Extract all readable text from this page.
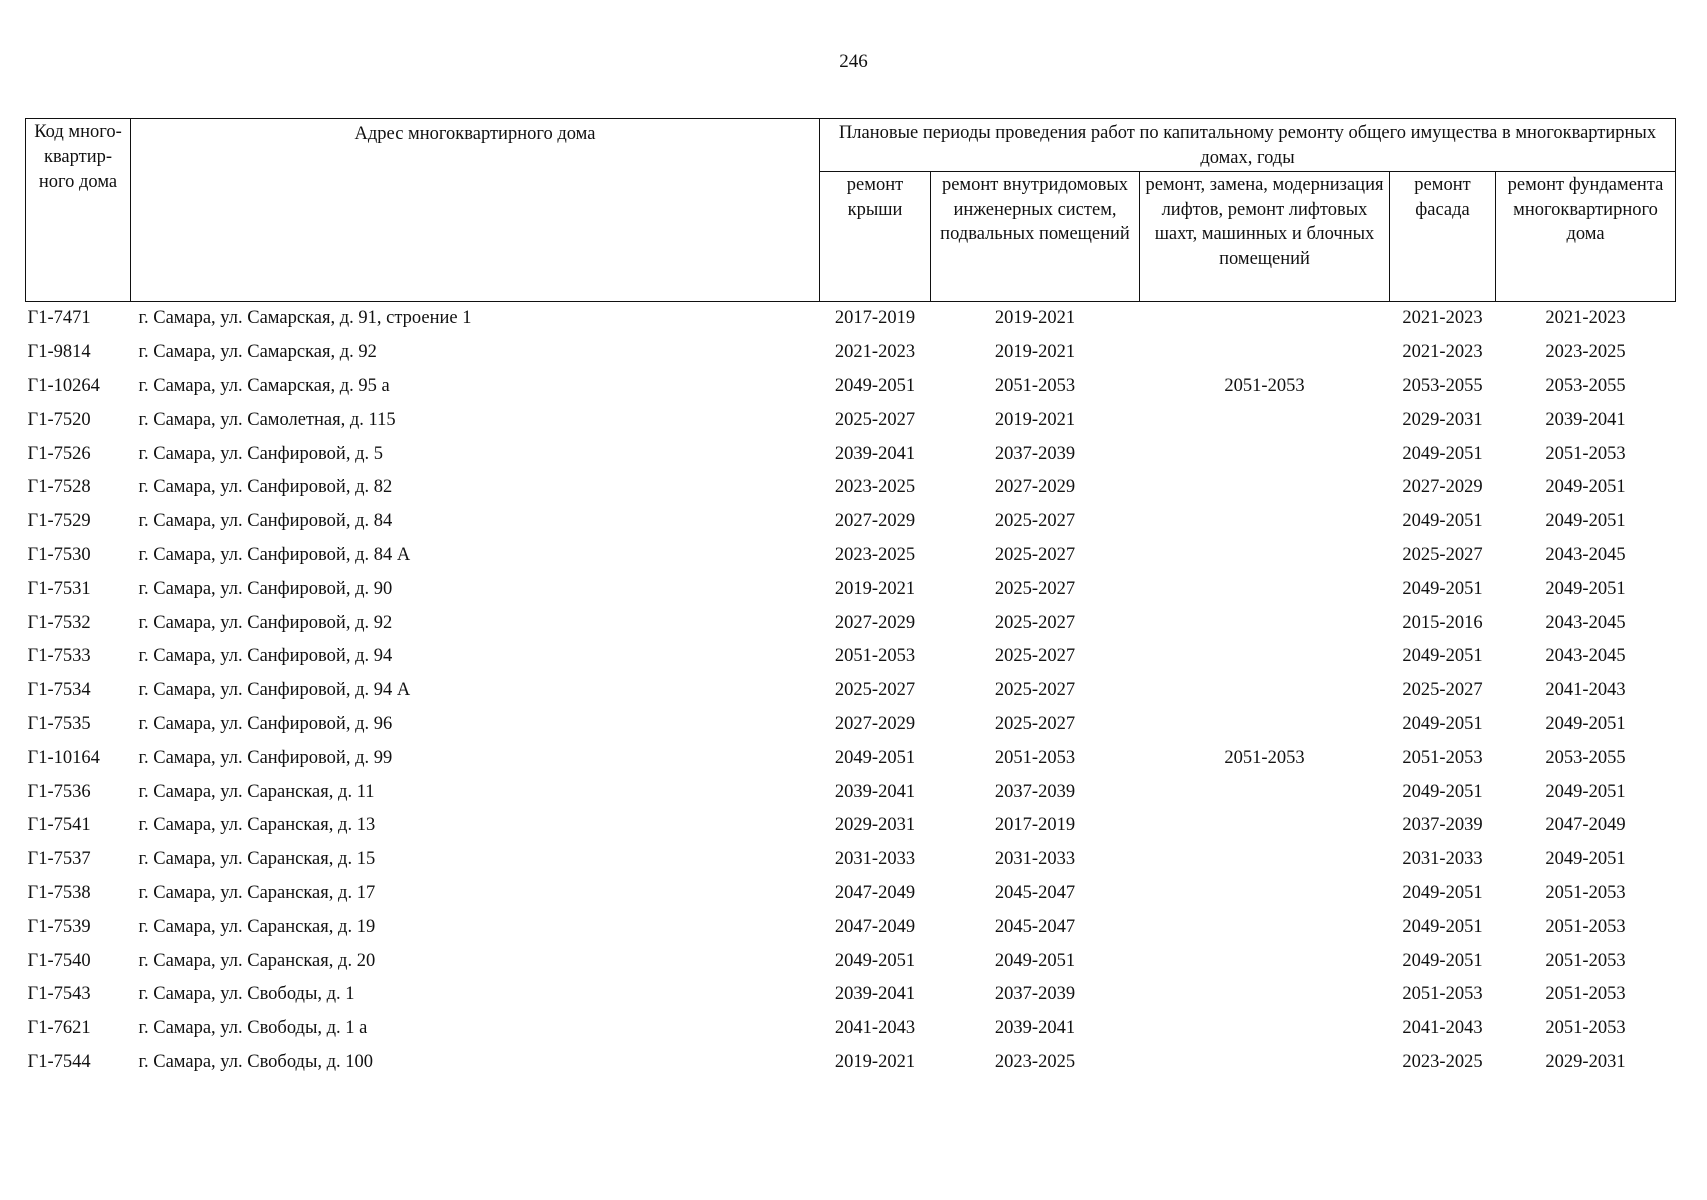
246
Код много-квартир-ного дома	Адрес многоквартирного дома	Плановые периоды проведения работ по капитальному ремонту общего имущества в многоквартирных домах, годы				
		ремонт крыши	ремонт внутридомовых инженерных систем, подвальных помещений	ремонт, замена, модернизация лифтов, ремонт лифтовых шахт, машинных и блочных помещений	ремонт фасада	ремонт фундамента многоквартирного дома
Г1-7471	г. Самара, ул. Самарская, д. 91, строение 1	2017-2019	2019-2021		2021-2023	2021-2023
Г1-9814	г. Самара, ул. Самарская, д. 92	2021-2023	2019-2021		2021-2023	2023-2025
Г1-10264	г. Самара, ул. Самарская, д. 95 а	2049-2051	2051-2053	2051-2053	2053-2055	2053-2055
Г1-7520	г. Самара, ул. Самолетная, д. 115	2025-2027	2019-2021		2029-2031	2039-2041
Г1-7526	г. Самара, ул. Санфировой, д. 5	2039-2041	2037-2039		2049-2051	2051-2053
Г1-7528	г. Самара, ул. Санфировой, д. 82	2023-2025	2027-2029		2027-2029	2049-2051
Г1-7529	г. Самара, ул. Санфировой, д. 84	2027-2029	2025-2027		2049-2051	2049-2051
Г1-7530	г. Самара, ул. Санфировой, д. 84 А	2023-2025	2025-2027		2025-2027	2043-2045
Г1-7531	г. Самара, ул. Санфировой, д. 90	2019-2021	2025-2027		2049-2051	2049-2051
Г1-7532	г. Самара, ул. Санфировой, д. 92	2027-2029	2025-2027		2015-2016	2043-2045
Г1-7533	г. Самара, ул. Санфировой, д. 94	2051-2053	2025-2027		2049-2051	2043-2045
Г1-7534	г. Самара, ул. Санфировой, д. 94 А	2025-2027	2025-2027		2025-2027	2041-2043
Г1-7535	г. Самара, ул. Санфировой, д. 96	2027-2029	2025-2027		2049-2051	2049-2051
Г1-10164	г. Самара, ул. Санфировой, д. 99	2049-2051	2051-2053	2051-2053	2051-2053	2053-2055
Г1-7536	г. Самара, ул. Саранская, д. 11	2039-2041	2037-2039		2049-2051	2049-2051
Г1-7541	г. Самара, ул. Саранская, д. 13	2029-2031	2017-2019		2037-2039	2047-2049
Г1-7537	г. Самара, ул. Саранская, д. 15	2031-2033	2031-2033		2031-2033	2049-2051
Г1-7538	г. Самара, ул. Саранская, д. 17	2047-2049	2045-2047		2049-2051	2051-2053
Г1-7539	г. Самара, ул. Саранская, д. 19	2047-2049	2045-2047		2049-2051	2051-2053
Г1-7540	г. Самара, ул. Саранская, д. 20	2049-2051	2049-2051		2049-2051	2051-2053
Г1-7543	г. Самара, ул. Свободы, д. 1	2039-2041	2037-2039		2051-2053	2051-2053
Г1-7621	г. Самара, ул. Свободы, д. 1 а	2041-2043	2039-2041		2041-2043	2051-2053
Г1-7544	г. Самара, ул. Свободы, д. 100	2019-2021	2023-2025		2023-2025	2029-2031
